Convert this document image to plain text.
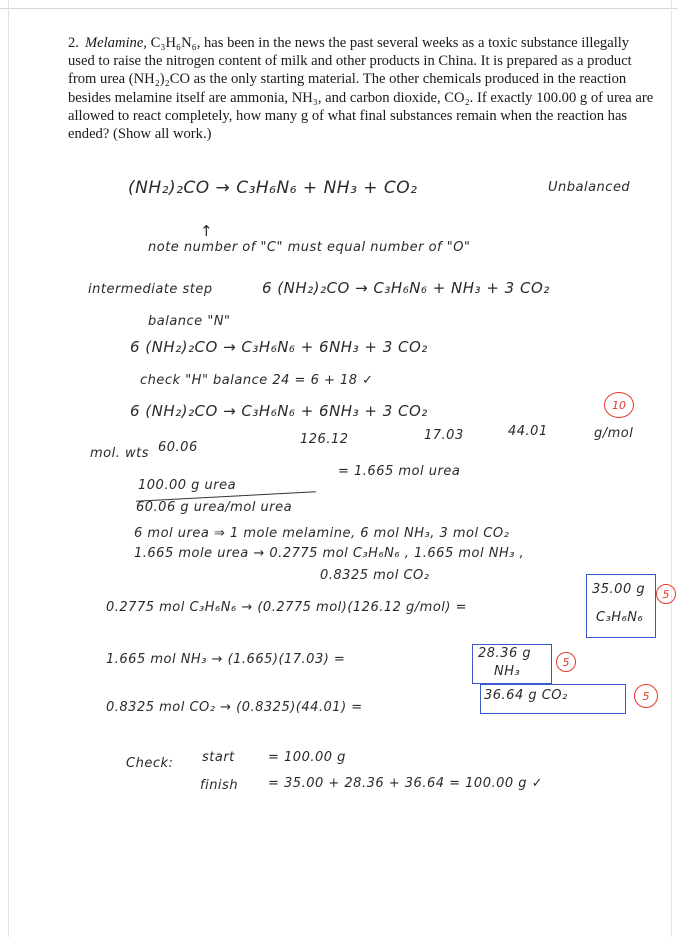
2. Melamine, C₃H₆N₆, has been in the news the past several weeks as a toxic substance illegally used to raise the nitrogen content of milk and other products in China. It is prepared as a product from urea (NH₂)₂CO as the only starting material. The other chemicals produced in the reaction besides melamine itself are ammonia, NH₃, and carbon dioxide, CO₂. If exactly 100.00 g of urea are allowed to react completely, how many g of what final substances remain when the reaction has ended? (Show all work.)
(NH₂)₂CO → C₃H₆N₆ + NH₃ + CO₂	Unbalanced
↑
note number of "C" must equal number of "O"
intermediate step	6 (NH₂)₂CO → C₃H₆N₆ + NH₃ + 3 CO₂
balance "N"
6 (NH₂)₂CO → C₃H₆N₆ + 6NH₃ + 3 CO₂
check "H" balance 24 = 6 + 18 ✓
6 (NH₂)₂CO → C₃H₆N₆ + 6NH₃ + 3 CO₂	10
mol. wts 60.06
126.12	17.03	44.01	g/mol
100.00 g urea
60.06 g urea/mol urea
= 1.665 mol urea
6 mol urea ⇒ 1 mole melamine, 6 mol NH₃, 3 mol CO₂
1.665 mole urea → 0.2775 mol C₃H₆N₆ , 1.665 mol NH₃ ,
0.8325 mol CO₂
0.2775 mol C₃H₆N₆ → (0.2775 mol)(126.12 g/mol) =
35.00 g
C₃H₆N₆
5
1.665 mol NH₃ → (1.665)(17.03) =	28.36 g
NH₃
5
0.8325 mol CO₂ → (0.8325)(44.01) =
36.64 g CO₂	5
Check: start	= 100.00 g
finish = 35.00 + 28.36 + 36.64 = 100.00 g ✓
